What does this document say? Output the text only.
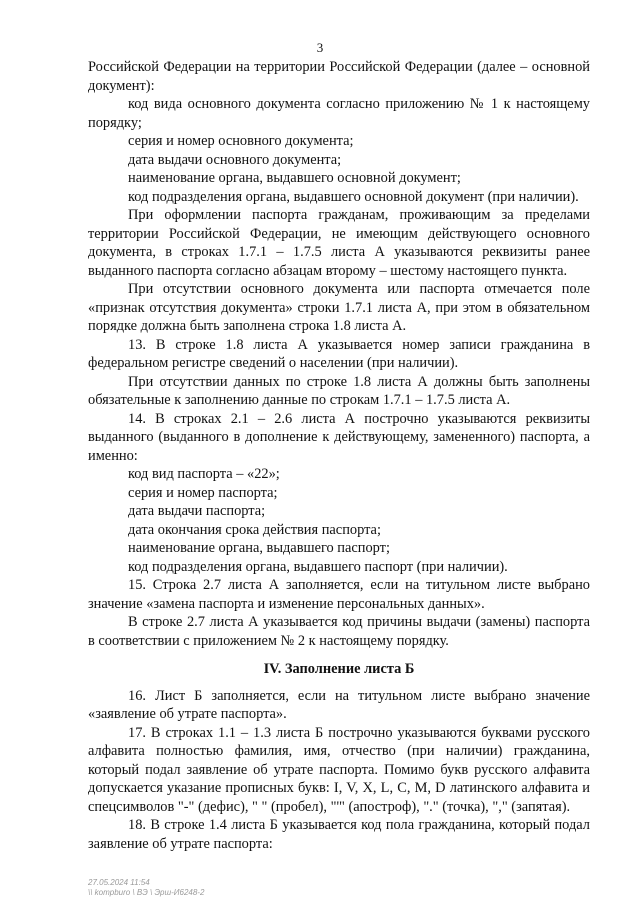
3

Российской Федерации на территории Российской Федерации (далее – основной документ):

код вида основного документа согласно приложению № 1 к настоящему порядку;

серия и номер основного документа;

дата выдачи основного документа;

наименование органа, выдавшего основной документ;

код подразделения органа, выдавшего основной документ (при наличии).

При оформлении паспорта гражданам, проживающим за пределами территории Российской Федерации, не имеющим действующего основного документа, в строках 1.7.1 – 1.7.5 листа А указываются реквизиты ранее выданного паспорта согласно абзацам второму – шестому настоящего пункта.

При отсутствии основного документа или паспорта отмечается поле «признак отсутствия документа» строки 1.7.1 листа А, при этом в обязательном порядке должна быть заполнена строка 1.8 листа А.

13. В строке 1.8 листа А указывается номер записи гражданина в федеральном регистре сведений о населении (при наличии).

При отсутствии данных по строке 1.8 листа А должны быть заполнены обязательные к заполнению данные по строкам 1.7.1 – 1.7.5 листа А.

14. В строках 2.1 – 2.6 листа А построчно указываются реквизиты выданного (выданного в дополнение к действующему, замененного) паспорта, а именно:

код вид паспорта – «22»;

серия и номер паспорта;

дата выдачи паспорта;

дата окончания срока действия паспорта;

наименование органа, выдавшего паспорт;

код подразделения органа, выдавшего паспорт (при наличии).

15. Строка 2.7 листа А заполняется, если на титульном листе выбрано значение «замена паспорта и изменение персональных данных».

В строке 2.7 листа А указывается код причины выдачи (замены) паспорта в соответствии с приложением № 2 к настоящему порядку.

IV. Заполнение листа Б

16. Лист Б заполняется, если на титульном листе выбрано значение «заявление об утрате паспорта».

17. В строках 1.1 – 1.3 листа Б построчно указываются буквами русского алфавита полностью фамилия, имя, отчество (при наличии) гражданина, который подал заявление об утрате паспорта. Помимо букв русского алфавита допускается указание прописных букв: I, V, X, L, C, M, D латинского алфавита и спецсимволов "-" (дефис), " " (пробел), "'" (апостроф), "." (точка), "," (запятая).

18. В строке 1.4 листа Б указывается код пола гражданина, который подал заявление об утрате паспорта:

27.05.2024 11:54
\\ kompburo \ ВЭ \ Эрш-И6248-2
